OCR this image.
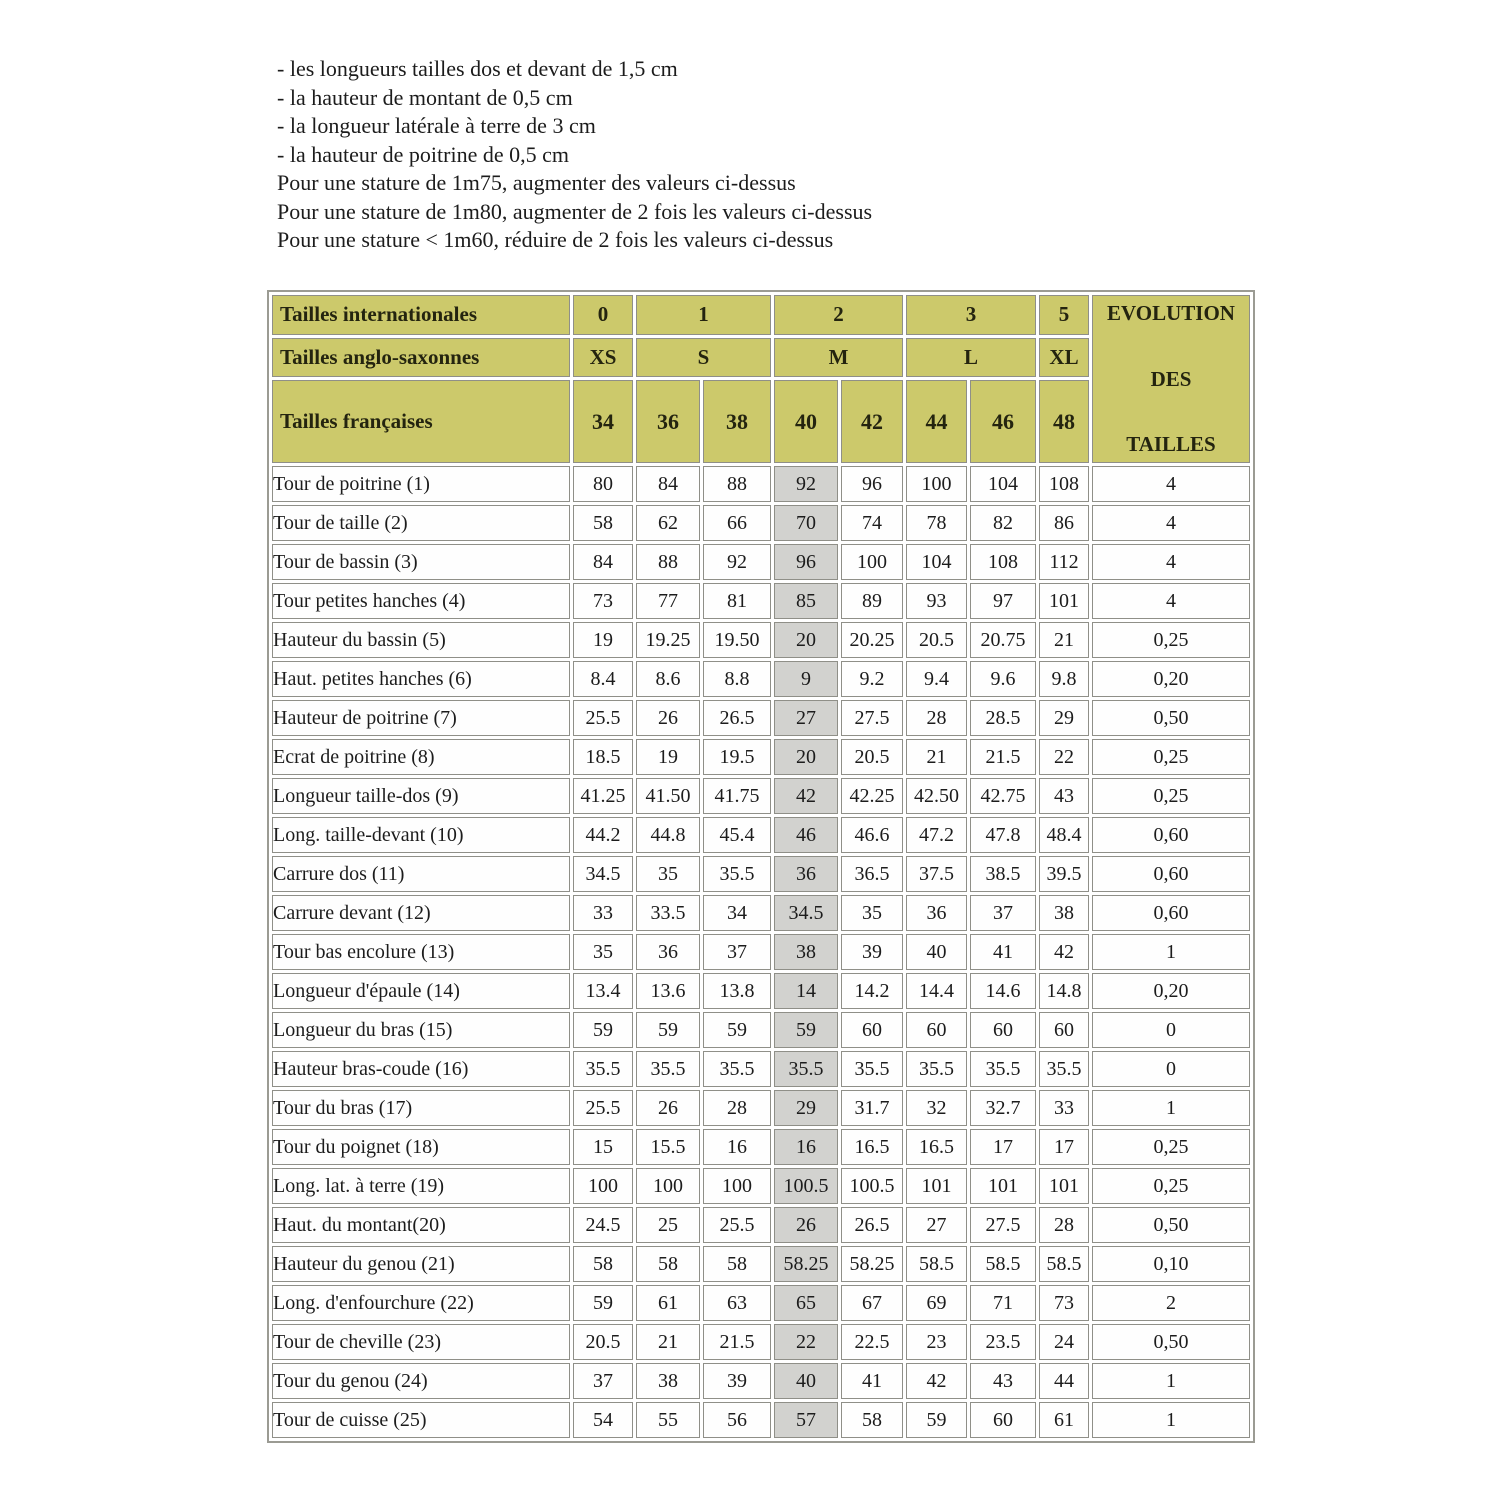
- les longueurs tailles dos et devant de 1,5 cm
- la hauteur de montant de 0,5 cm
- la longueur latérale à terre de 3 cm
- la hauteur de poitrine de 0,5 cm
Pour une stature de 1m75, augmenter des valeurs ci-dessus
Pour une stature de 1m80, augmenter de 2 fois les valeurs ci-dessus
Pour une stature < 1m60, réduire de 2 fois les valeurs ci-dessus
Tailles internationales	0	1		2		3		5	EVOLUTION
DES
TAILLES

Tailles anglo-saxonnes	XS	S		M		L		XL	
Tailles françaises	34	36	38	40	42	44	46	48	
Tour de poitrine (1)	80	84	88	92	96	100	104	108	4
Tour de taille (2)	58	62	66	70	74	78	82	86	4
Tour de bassin (3)	84	88	92	96	100	104	108	112	4
Tour petites hanches (4)	73	77	81	85	89	93	97	101	4
Hauteur du bassin (5)	19	19.25	19.50	20	20.25	20.5	20.75	21	0,25
Haut. petites hanches (6)	8.4	8.6	8.8	9	9.2	9.4	9.6	9.8	0,20
Hauteur de poitrine (7)	25.5	26	26.5	27	27.5	28	28.5	29	0,50
Ecrat de poitrine (8)	18.5	19	19.5	20	20.5	21	21.5	22	0,25
Longueur taille-dos (9)	41.25	41.50	41.75	42	42.25	42.50	42.75	43	0,25
Long. taille-devant (10)	44.2	44.8	45.4	46	46.6	47.2	47.8	48.4	0,60
Carrure dos (11)	34.5	35	35.5	36	36.5	37.5	38.5	39.5	0,60
Carrure devant (12)	33	33.5	34	34.5	35	36	37	38	0,60
Tour bas encolure (13)	35	36	37	38	39	40	41	42	1
Longueur d'épaule (14)	13.4	13.6	13.8	14	14.2	14.4	14.6	14.8	0,20
Longueur du bras (15)	59	59	59	59	60	60	60	60	0
Hauteur bras-coude (16)	35.5	35.5	35.5	35.5	35.5	35.5	35.5	35.5	0
Tour du bras (17)	25.5	26	28	29	31.7	32	32.7	33	1
Tour du poignet (18)	15	15.5	16	16	16.5	16.5	17	17	0,25
Long. lat. à terre (19)	100	100	100	100.5	100.5	101	101	101	0,25
Haut. du montant(20)	24.5	25	25.5	26	26.5	27	27.5	28	0,50
Hauteur du genou (21)	58	58	58	58.25	58.25	58.5	58.5	58.5	0,10
Long. d'enfourchure (22)	59	61	63	65	67	69	71	73	2
Tour de cheville (23)	20.5	21	21.5	22	22.5	23	23.5	24	0,50
Tour du genou (24)	37	38	39	40	41	42	43	44	1
Tour de cuisse (25)	54	55	56	57	58	59	60	61	1
